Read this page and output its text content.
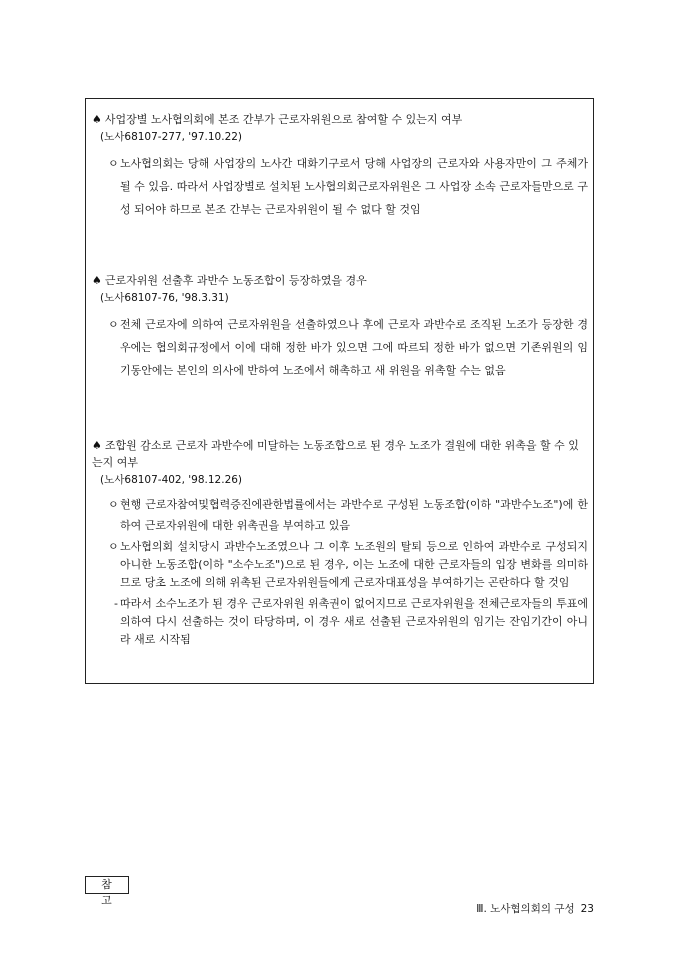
♠ 사업장별 노사협의회에 본조 간부가 근로자위원으로 참여할 수 있는지 여부

(노사68107-277, '97.10.22)

ㅇ 노사협의회는 당해 사업장의 노사간 대화기구로서 당해 사업장의 근로자와 사용자만이 그 주체가 될 수 있음. 따라서 사업장별로 설치된 노사협의회근로자위원은 그 사업장 소속 근로자들만으로 구성 되어야 하므로 본조 간부는 근로자위원이 될 수 없다 할 것임

♠ 근로자위원 선출후 과반수 노동조합이 등장하였을 경우

(노사68107-76, '98.3.31)

ㅇ 전체 근로자에 의하여 근로자위원을 선출하였으나 후에 근로자 과반수로 조직된 노조가 등장한 경우에는 협의회규정에서 이에 대해 정한 바가 있으면 그에 따르되 정한 바가 없으면 기존위원의 임기동안에는 본인의 의사에 반하여 노조에서 해촉하고 새 위원을 위촉할 수는 없음

♠ 조합원 감소로 근로자 과반수에 미달하는 노동조합으로 된 경우 노조가 결원에 대한 위촉을 할 수 있는지 여부

(노사68107-402, '98.12.26)

ㅇ 현행 근로자참여및협력증진에관한법률에서는 과반수로 구성된 노동조합(이하 "과반수노조")에 한하여 근로자위원에 대한 위촉권을 부여하고 있음

ㅇ 노사협의회 설치당시 과반수노조였으나 그 이후 노조원의 탈퇴 등으로 인하여 과반수로 구성되지 아니한 노동조합(이하 "소수노조")으로 된 경우, 이는 노조에 대한 근로자들의 입장 변화를 의미하므로 당초 노조에 의해 위촉된 근로자위원들에게 근로자대표성을 부여하기는 곤란하다 할 것임

- 따라서 소수노조가 된 경우 근로자위원 위촉권이 없어지므로 근로자위원을 전체근로자들의 투표에 의하여 다시 선출하는 것이 타당하며, 이 경우 새로 선출된 근로자위원의 임기는 잔임기간이 아니라 새로 시작됨

참 고
Ⅲ. 노사협의회의 구성 23
